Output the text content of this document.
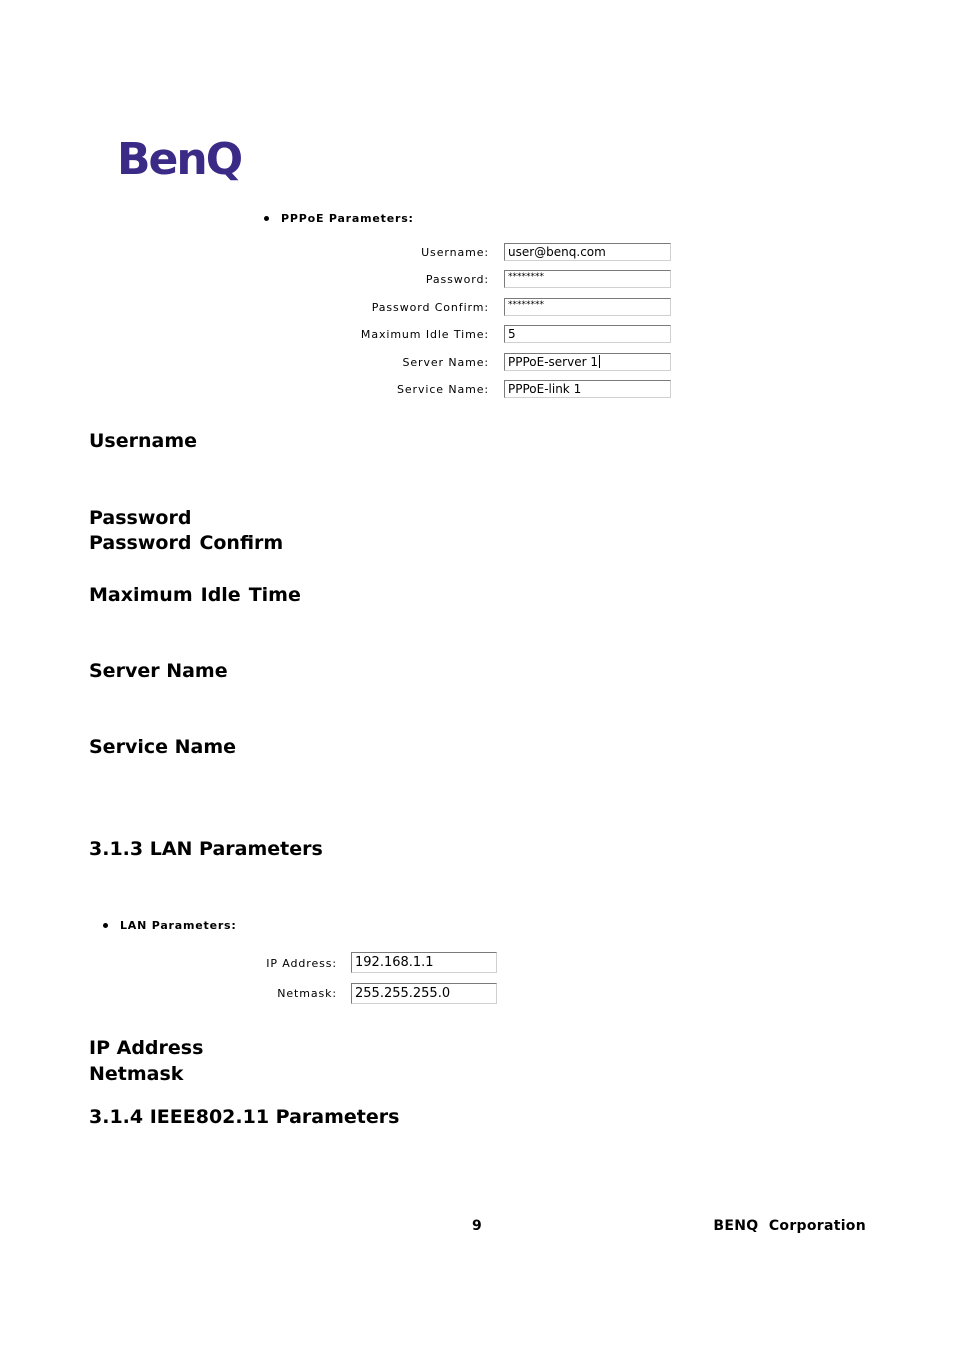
BenQ
PPPoE Parameters:
Username:	user@benq.com
Password:	********
Password Confirm:	********
Maximum Idle Time:	5
Server Name:	PPPoE-server 1
Service Name:	PPPoE-link 1
Username
Password
Password Confirm
Maximum Idle Time
Server Name
Service Name
3.1.3 LAN Parameters
LAN Parameters:
IP Address:	192.168.1.1
Netmask:	255.255.255.0
IP Address
Netmask
3.1.4 IEEE802.11 Parameters
9	BENQ  Corporation
